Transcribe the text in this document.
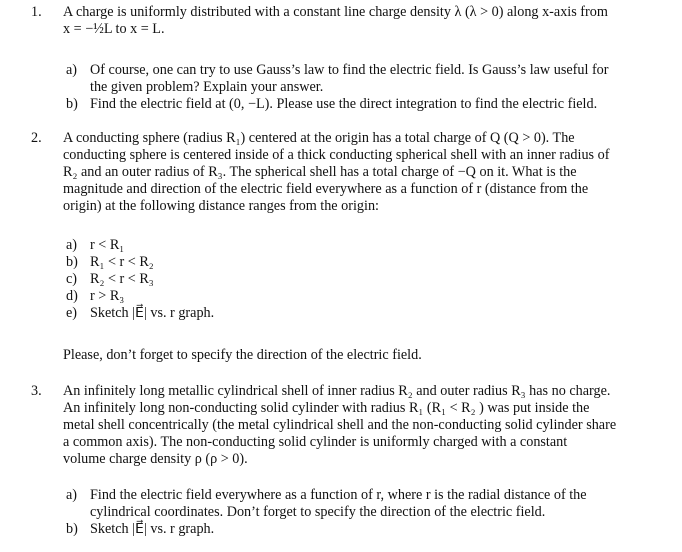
1.	A charge is uniformly distributed with a constant line charge density λ (λ > 0) along x-axis from
x = −½L to x = L.
a) Of course, one can try to use Gauss’s law to find the electric field. Is Gauss’s law useful for
the given problem? Explain your answer.
b) Find the electric field at (0, −L). Please use the direct integration to find the electric field.
2.	A conducting sphere (radius R₁) centered at the origin has a total charge of Q (Q > 0). The
conducting sphere is centered inside of a thick conducting spherical shell with an inner radius of
R₂ and an outer radius of R₃. The spherical shell has a total charge of −Q on it. What is the
magnitude and direction of the electric field everywhere as a function of r (distance from the
origin) at the following distance ranges from the origin:
a) r < R₁
b) R₁ < r < R₂
c) R₂ < r < R₃
d) r > R₃
e) Sketch |E⃗| vs. r graph.
Please, don’t forget to specify the direction of the electric field.
3.	An infinitely long metallic cylindrical shell of inner radius R₂ and outer radius R₃ has no charge.
An infinitely long non-conducting solid cylinder with radius R₁ (R₁ < R₂ ) was put inside the
metal shell concentrically (the metal cylindrical shell and the non-conducting solid cylinder share
a common axis). The non-conducting solid cylinder is uniformly charged with a constant
volume charge density ρ (ρ > 0).
a) Find the electric field everywhere as a function of r, where r is the radial distance of the
cylindrical coordinates. Don’t forget to specify the direction of the electric field.
b) Sketch |E⃗| vs. r graph.
